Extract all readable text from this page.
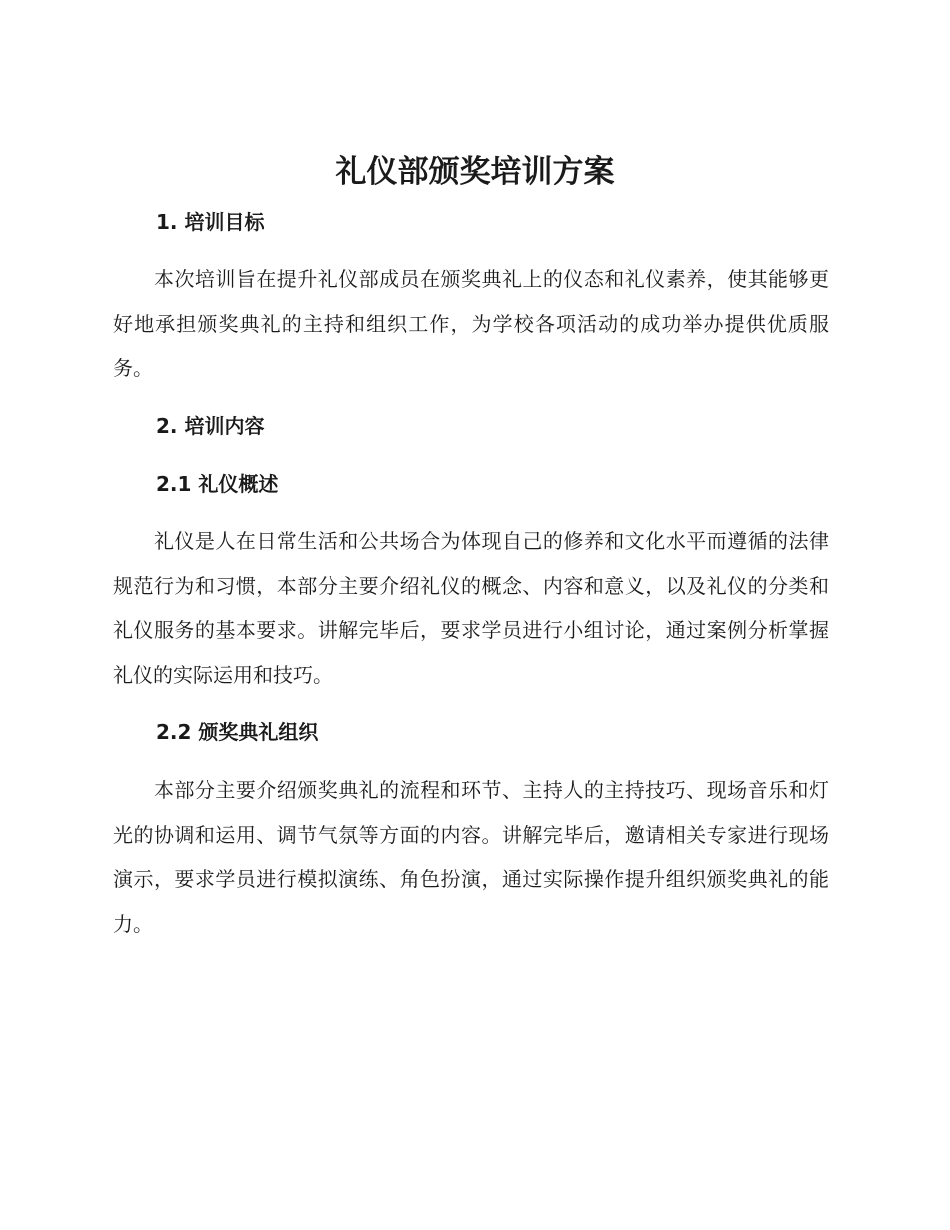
礼仪部颁奖培训方案
1. 培训目标

本次培训旨在提升礼仪部成员在颁奖典礼上的仪态和礼仪素养，使其能够更好地承担颁奖典礼的主持和组织工作，为学校各项活动的成功举办提供优质服务。

2. 培训内容
2.1 礼仪概述

礼仪是人在日常生活和公共场合为体现自己的修养和文化水平而遵循的法律规范行为和习惯，本部分主要介绍礼仪的概念、内容和意义，以及礼仪的分类和礼仪服务的基本要求。讲解完毕后，要求学员进行小组讨论，通过案例分析掌握礼仪的实际运用和技巧。

2.2 颁奖典礼组织

本部分主要介绍颁奖典礼的流程和环节、主持人的主持技巧、现场音乐和灯光的协调和运用、调节气氛等方面的内容。讲解完毕后，邀请相关专家进行现场演示，要求学员进行模拟演练、角色扮演，通过实际操作提升组织颁奖典礼的能力。
